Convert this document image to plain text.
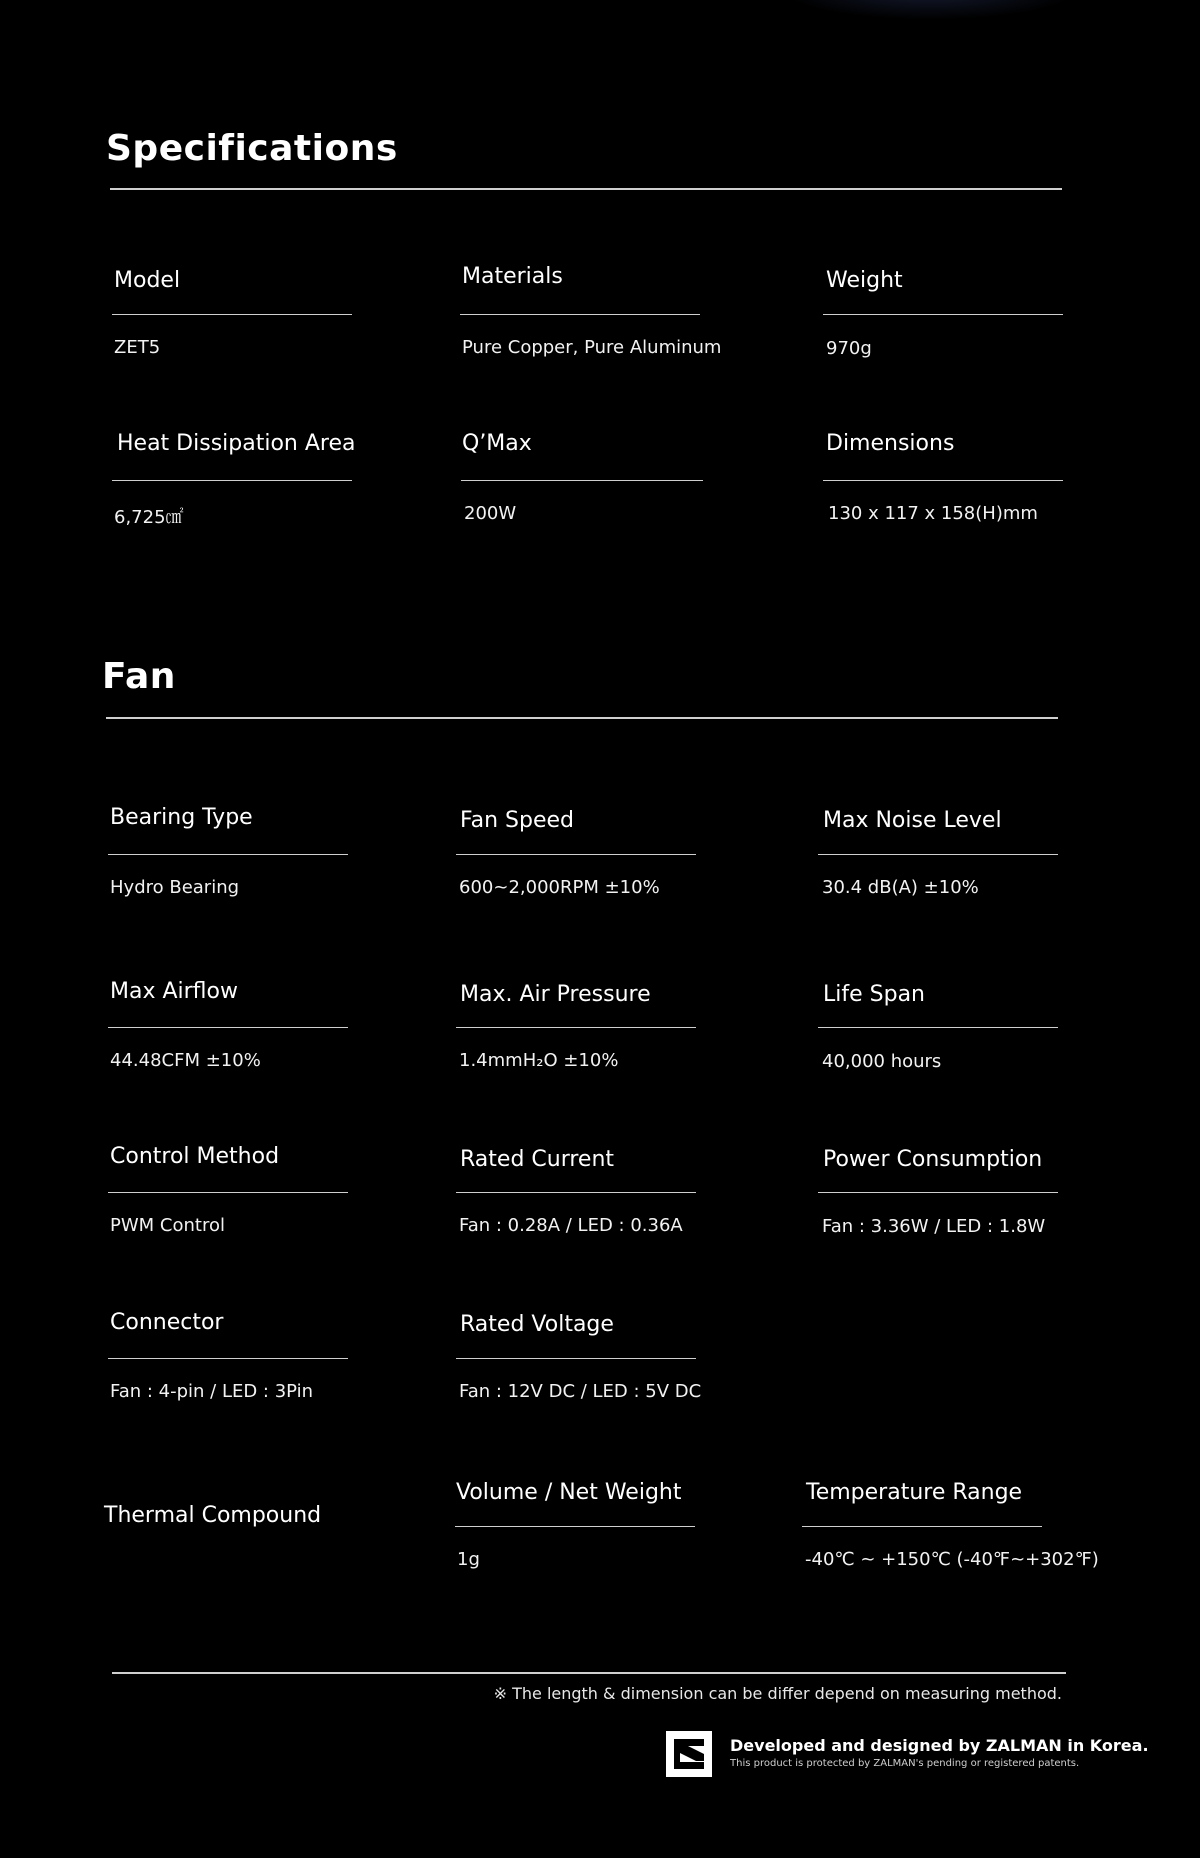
Specifications
Model
ZET5
Materials
Pure Copper, Pure Aluminum
Weight
970g
Heat Dissipation Area
6,725㎠
Q’Max
200W
Dimensions
130 x 117 x 158(H)mm
Fan
Bearing Type
Hydro Bearing
Fan Speed
600~2,000RPM ±10%
Max Noise Level
30.4 dB(A) ±10%
Max Airflow
44.48CFM ±10%
Max. Air Pressure
1.4mmH₂O ±10%
Life Span
40,000 hours
Control Method
PWM Control
Rated Current
Fan : 0.28A / LED : 0.36A
Power Consumption
Fan : 3.36W / LED : 1.8W
Connector
Fan : 4-pin / LED : 3Pin
Rated Voltage
Fan : 12V DC / LED : 5V DC
Thermal Compound
Volume / Net Weight
1g
Temperature Range
-40℃ ~ +150℃ (-40℉~+302℉)
※ The length & dimension can be differ depend on measuring method.
Developed and designed by ZALMAN in Korea.
This product is protected by ZALMAN's pending or registered patents.
